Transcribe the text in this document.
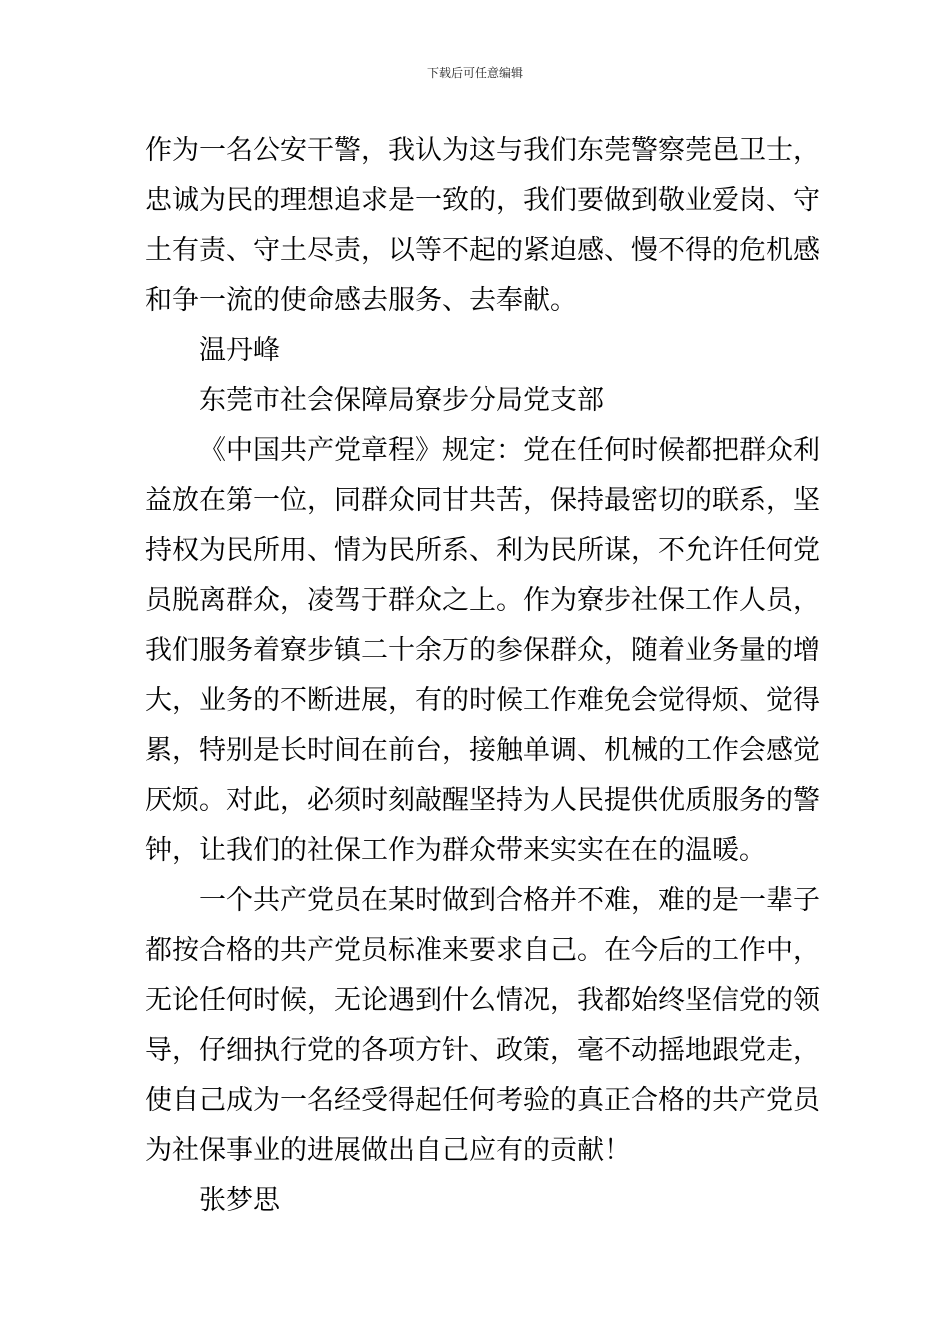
下载后可任意编辑

作为一名公安干警，我认为这与我们东莞警察莞邑卫士，

忠诚为民的理想追求是一致的，我们要做到敬业爱岗、守

土有责、守土尽责，以等不起的紧迫感、慢不得的危机感

和争一流的使命感去服务、去奉献。

温丹峰

东莞市社会保障局寮步分局党支部

《中国共产党章程》规定：党在任何时候都把群众利

益放在第一位，同群众同甘共苦，保持最密切的联系，坚

持权为民所用、情为民所系、利为民所谋，不允许任何党

员脱离群众，凌驾于群众之上。作为寮步社保工作人员，

我们服务着寮步镇二十余万的参保群众，随着业务量的增

大，业务的不断进展，有的时候工作难免会觉得烦、觉得

累，特别是长时间在前台，接触单调、机械的工作会感觉

厌烦。对此，必须时刻敲醒坚持为人民提供优质服务的警

钟，让我们的社保工作为群众带来实实在在的温暖。

一个共产党员在某时做到合格并不难，难的是一辈子

都按合格的共产党员标准来要求自己。在今后的工作中，

无论任何时候，无论遇到什么情况，我都始终坚信党的领

导，仔细执行党的各项方针、政策，毫不动摇地跟党走，

使自己成为一名经受得起任何考验的真正合格的共产党员

为社保事业的进展做出自己应有的贡献！

张梦思
